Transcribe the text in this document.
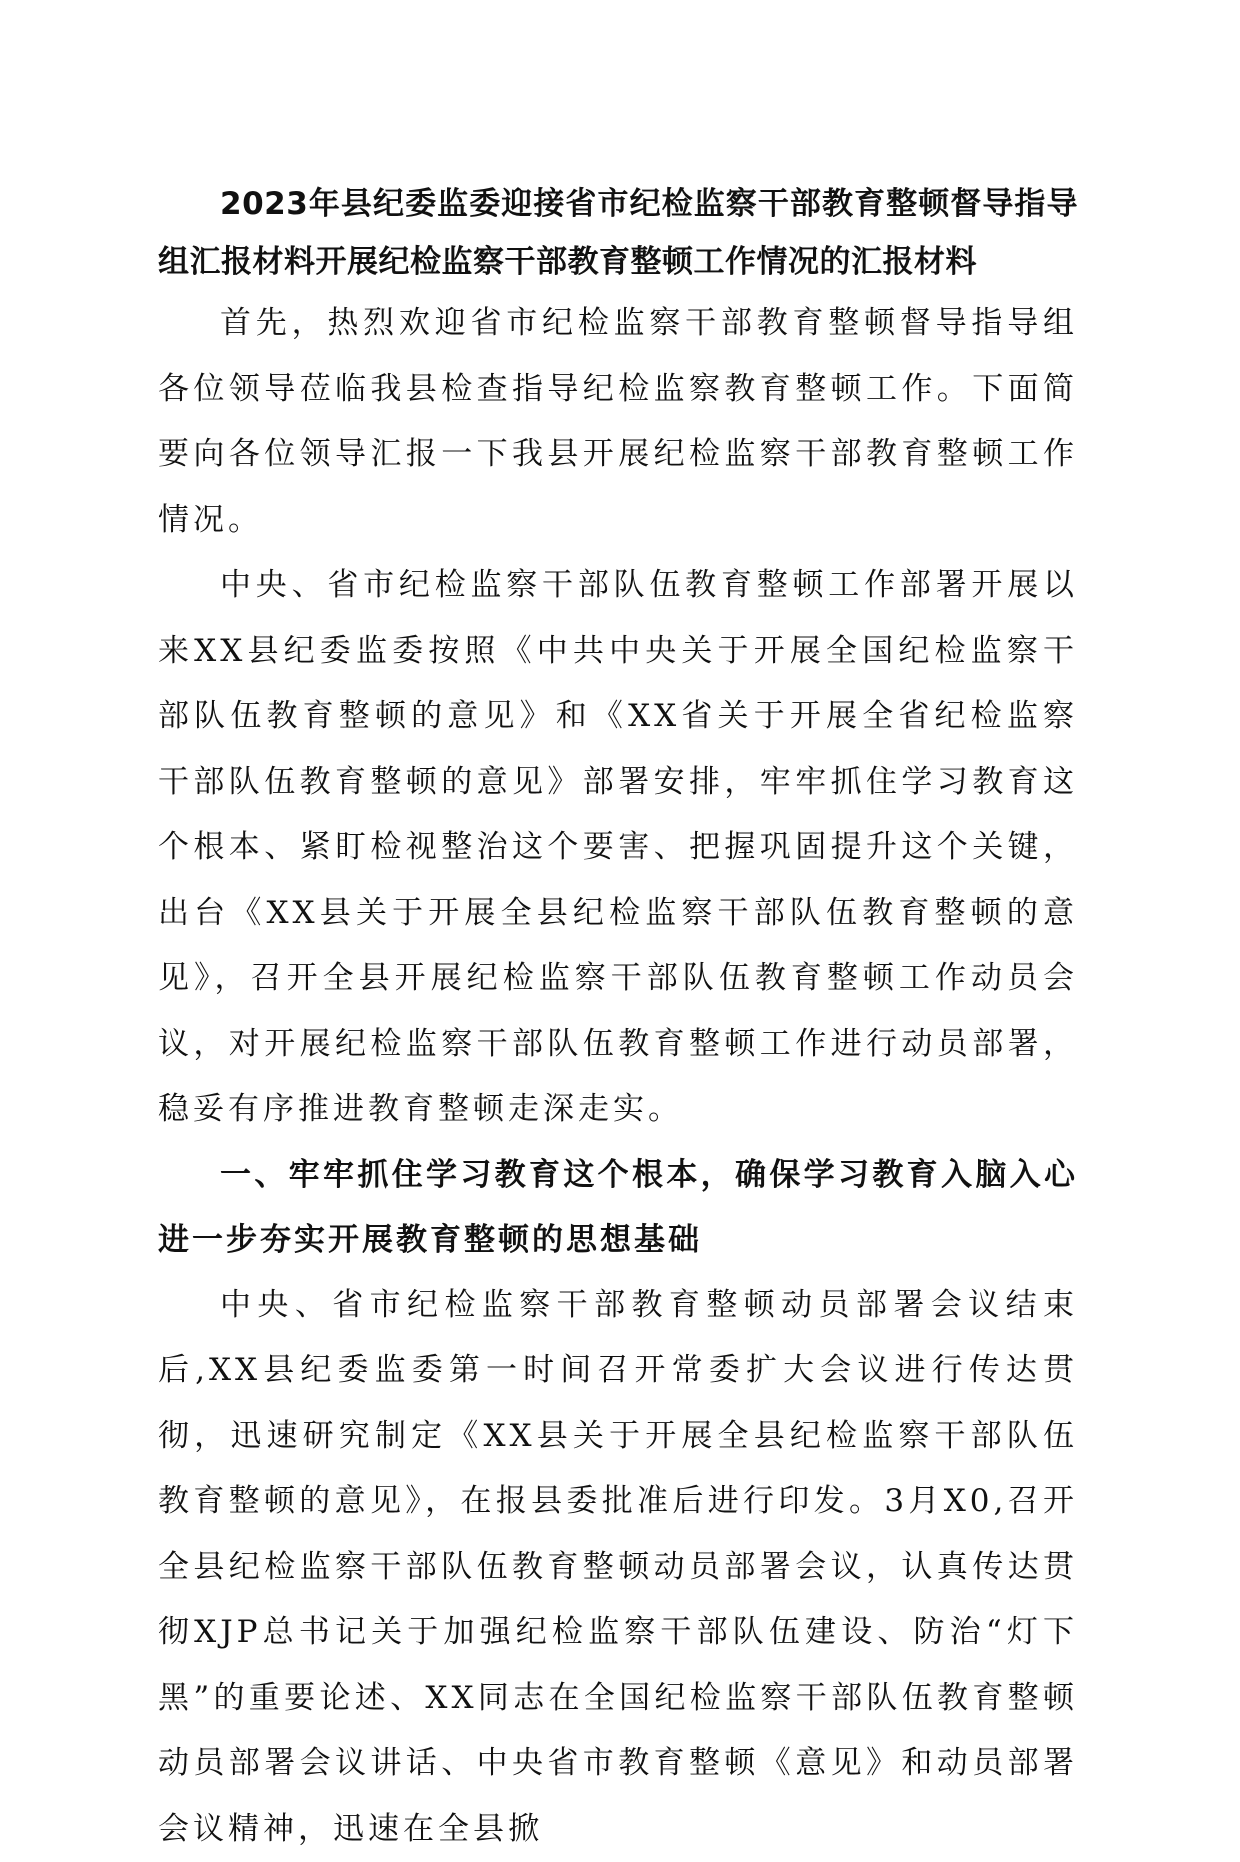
2023年县纪委监委迎接省市纪检监察干部教育整顿督导指导组汇报材料开展纪检监察干部教育整顿工作情况的汇报材料

首先，热烈欢迎省市纪检监察干部教育整顿督导指导组各位领导莅临我县检查指导纪检监察教育整顿工作。下面简要向各位领导汇报一下我县开展纪检监察干部教育整顿工作情况。

中央、省市纪检监察干部队伍教育整顿工作部署开展以来XX县纪委监委按照《中共中央关于开展全国纪检监察干部队伍教育整顿的意见》和《XX省关于开展全省纪检监察干部队伍教育整顿的意见》部署安排，牢牢抓住学习教育这个根本、紧盯检视整治这个要害、把握巩固提升这个关键，出台《XX县关于开展全县纪检监察干部队伍教育整顿的意见》，召开全县开展纪检监察干部队伍教育整顿工作动员会议，对开展纪检监察干部队伍教育整顿工作进行动员部署，稳妥有序推进教育整顿走深走实。

一、牢牢抓住学习教育这个根本，确保学习教育入脑入心进一步夯实开展教育整顿的思想基础

中央、省市纪检监察干部教育整顿动员部署会议结束后,XX县纪委监委第一时间召开常委扩大会议进行传达贯彻，迅速研究制定《XX县关于开展全县纪检监察干部队伍教育整顿的意见》，在报县委批准后进行印发。3月X0,召开全县纪检监察干部队伍教育整顿动员部署会议，认真传达贯彻XJP总书记关于加强纪检监察干部队伍建设、防治“灯下黑”的重要论述、XX同志在全国纪检监察干部队伍教育整顿动员部署会议讲话、中央省市教育整顿《意见》和动员部署会议精神，迅速在全县掀
